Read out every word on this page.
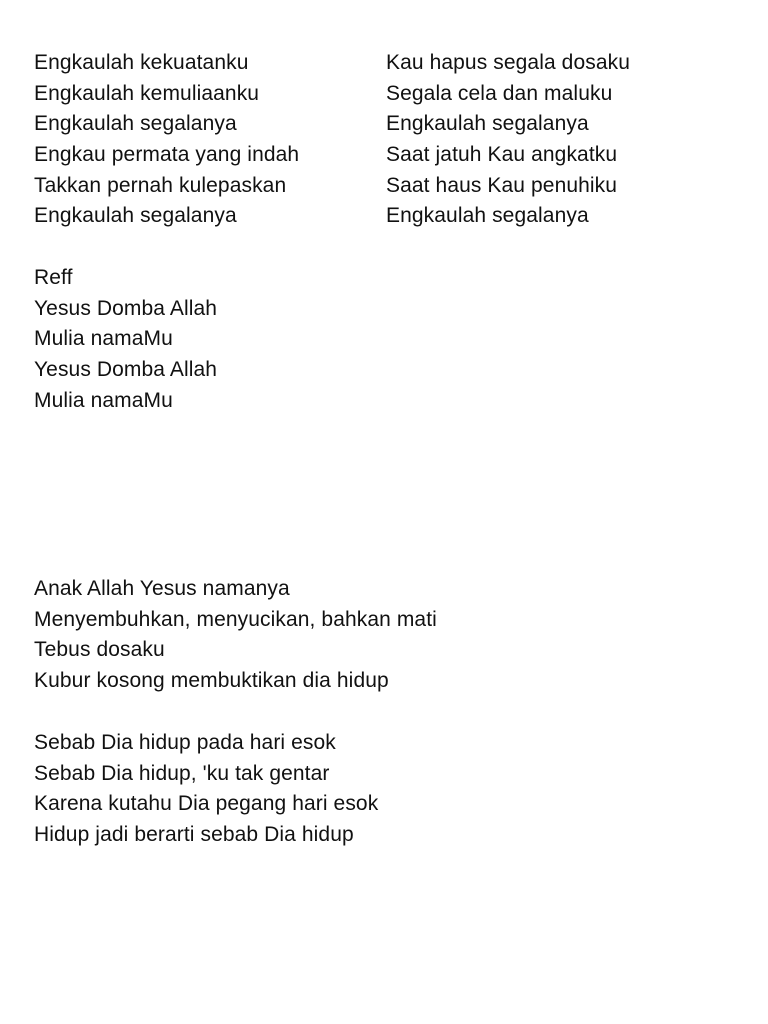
Engkaulah kekuatanku
Engkaulah kemuliaanku
Engkaulah segalanya
Engkau permata yang indah
Takkan pernah kulepaskan
Engkaulah segalanya
Kau hapus segala dosaku
Segala cela dan maluku
Engkaulah segalanya
Saat jatuh Kau angkatku
Saat haus Kau penuhiku
Engkaulah segalanya
Reff
Yesus Domba Allah
Mulia namaMu
Yesus Domba Allah
Mulia namaMu
Anak Allah Yesus namanya
Menyembuhkan, menyucikan, bahkan mati
Tebus dosaku
Kubur kosong membuktikan dia hidup
Sebab Dia hidup pada hari esok
Sebab Dia hidup, 'ku tak gentar
Karena kutahu Dia pegang hari esok
Hidup jadi berarti sebab Dia hidup
